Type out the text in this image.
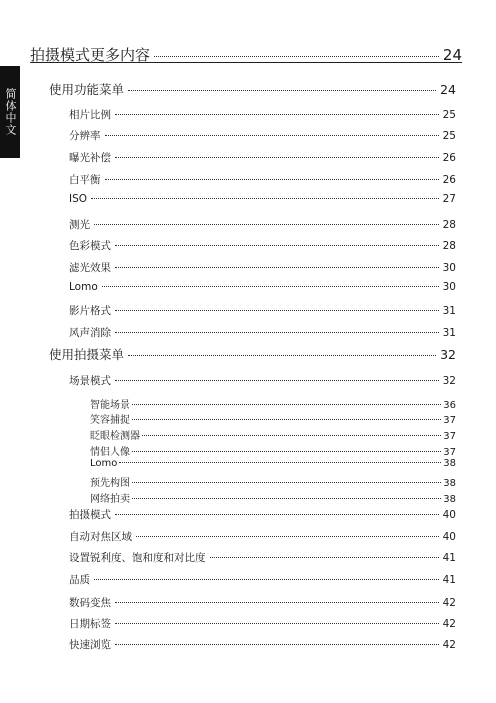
简体中文
拍摄模式更多内容	24
使用功能菜单	24
相片比例	25
分辨率	25
曝光补偿	26
白平衡	26
ISO	27
测光	28
色彩模式	28
滤光效果	30
Lomo	30
影片格式	31
风声消除	31
使用拍摄菜单	32
场景模式	32
智能场景	36
笑容捕捉	37
眨眼检测器	37
情侣人像	37
Lomo	38
预先构图	38
网络拍卖	38
拍摄模式	40
自动对焦区域	40
设置锐利度、饱和度和对比度	41
品质	41
数码变焦	42
日期标签	42
快速浏览	42
